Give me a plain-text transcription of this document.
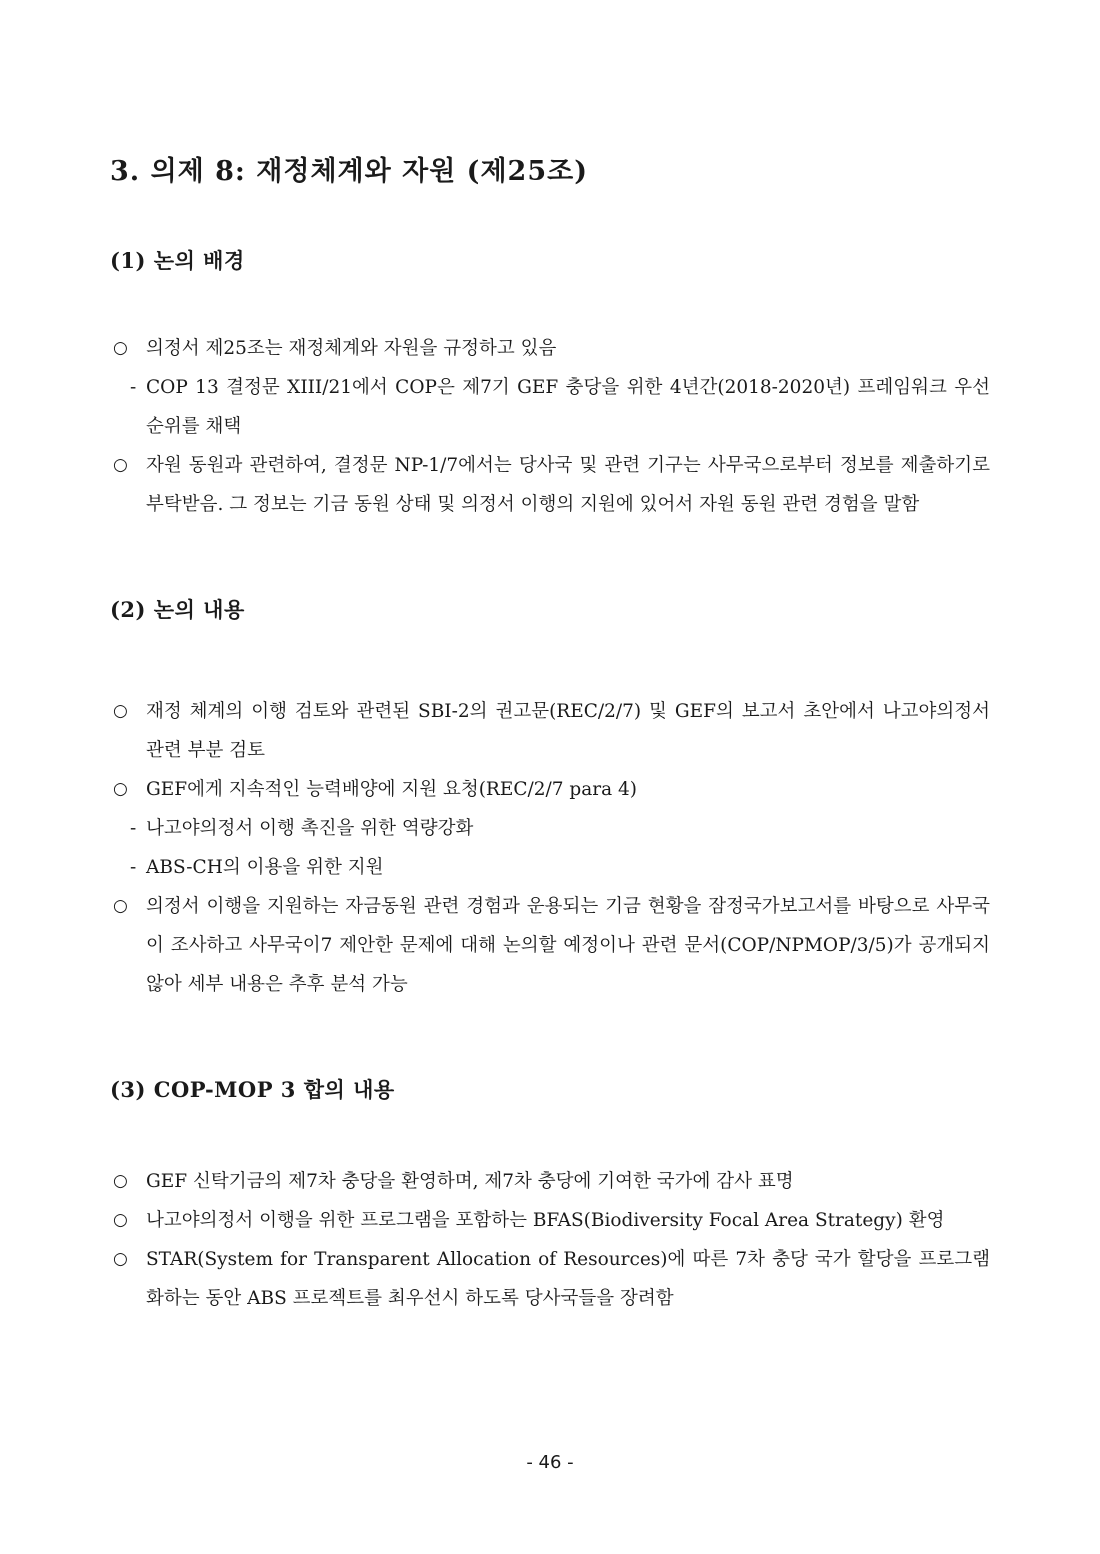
3. 의제 8: 재정체계와 자원 (제25조)
(1) 논의 배경

○ 의정서 제25조는 재정체계와 자원을 규정하고 있음

- COP 13 결정문 XIII/21에서 COP은 제7기 GEF 충당을 위한 4년간(2018-2020년) 프레임워크 우선순위를 채택

○ 자원 동원과 관련하여, 결정문 NP-1/7에서는 당사국 및 관련 기구는 사무국으로부터 정보를 제출하기로 부탁받음. 그 정보는 기금 동원 상태 및 의정서 이행의 지원에 있어서 자원 동원 관련 경험을 말함

(2) 논의 내용

○ 재정 체계의 이행 검토와 관련된 SBI-2의 권고문(REC/2/7) 및 GEF의 보고서 초안에서 나고야의정서 관련 부분 검토

○ GEF에게 지속적인 능력배양에 지원 요청(REC/2/7 para 4)

- 나고야의정서 이행 촉진을 위한 역량강화

- ABS-CH의 이용을 위한 지원

○ 의정서 이행을 지원하는 자금동원 관련 경험과 운용되는 기금 현황을 잠정국가보고서를 바탕으로 사무국이 조사하고 사무국이7 제안한 문제에 대해 논의할 예정이나 관련 문서(COP/NPMOP/3/5)가 공개되지 않아 세부 내용은 추후 분석 가능

(3) COP-MOP 3 합의 내용

○ GEF 신탁기금의 제7차 충당을 환영하며, 제7차 충당에 기여한 국가에 감사 표명

○ 나고야의정서 이행을 위한 프로그램을 포함하는 BFAS(Biodiversity Focal Area Strategy) 환영

○ STAR(System for Transparent Allocation of Resources)에 따른 7차 충당 국가 할당을 프로그램화하는 동안 ABS 프로젝트를 최우선시 하도록 당사국들을 장려함

- 46 -
